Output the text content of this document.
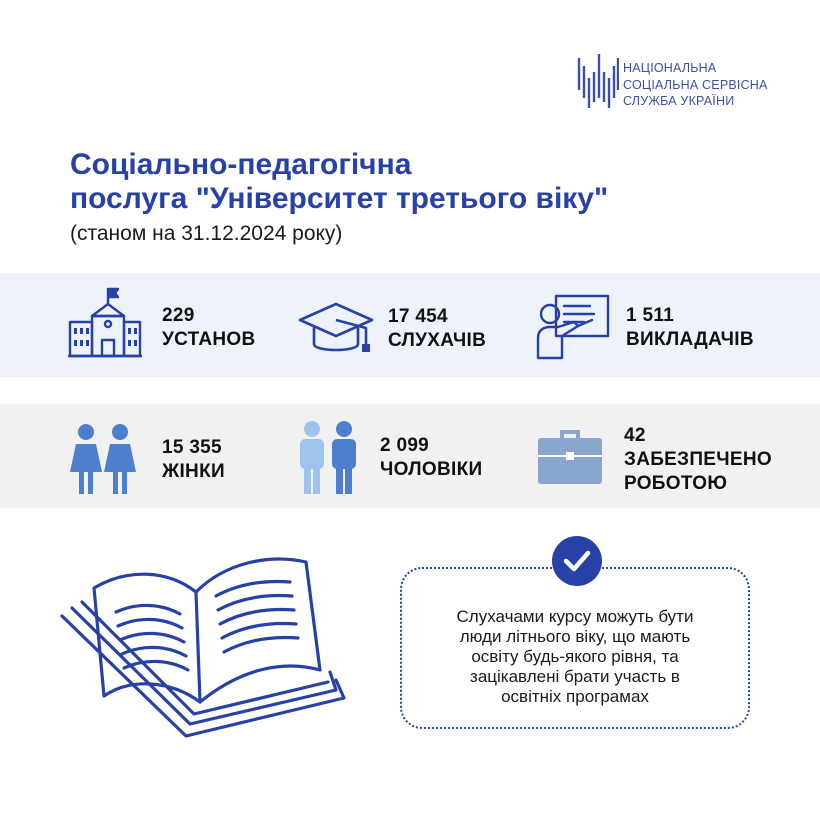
НАЦІОНАЛЬНА
СОЦІАЛЬНА СЕРВІСНА
СЛУЖБА УКРАЇНИ
Соціально-педагогічна
послуга "Університет третього віку"
(станом на 31.12.2024 року)
229
УСТАНОВ
17 454
СЛУХАЧІВ
1 511
ВИКЛАДАЧІВ
15 355
ЖІНКИ
2 099
ЧОЛОВІКИ
42
ЗАБЕЗПЕЧЕНО
РОБОТОЮ
Слухачами курсу можуть бути
люди літнього віку, що мають
освіту будь-якого рівня, та
зацікавлені брати участь в
освітніх програмах
